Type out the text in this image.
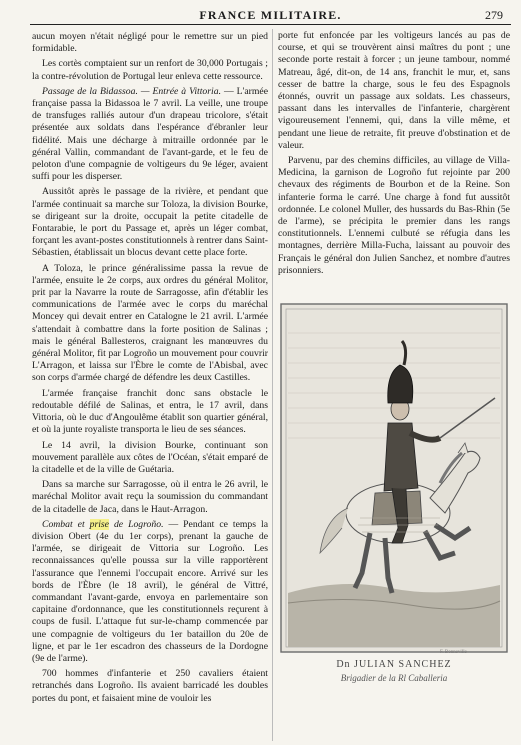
FRANCE MILITAIRE.	279

aucun moyen n'était négligé pour le remettre sur un pied formidable.

Les cortès comptaient sur un renfort de 30,000 Portugais ; la contre-révolution de Portugal leur enleva cette ressource.

Passage de la Bidassoa. — Entrée à Vittoria. — L'armée française passa la Bidassoa le 7 avril. La veille, une troupe de transfuges ralliés autour d'un drapeau tricolore, s'était présentée aux soldats dans l'espérance d'ébranler leur fidélité. Mais une décharge à mitraille ordonnée par le général Vallin, commandant de l'avant-garde, et le feu de peloton d'une compagnie de voltigeurs du 9e léger, avaient suffi pour les disperser.

Aussitôt après le passage de la rivière, et pendant que l'armée continuait sa marche sur Toloza, la division Bourke, se dirigeant sur la droite, occupait la petite citadelle de Fontarabie, le port du Passage et, après un léger combat, forçant les avant-postes constitutionnels à rentrer dans Saint-Sébastien, établissait un blocus devant cette place forte.

A Toloza, le prince généralissime passa la revue de l'armée, ensuite le 2e corps, aux ordres du général Molitor, prit par la Navarre la route de Sarragosse, afin d'établir les communications de l'armée avec le corps du maréchal Moncey qui devait entrer en Catalogne le 21 avril. L'armée s'attendait à combattre dans la forte position de Salinas ; mais le général Ballesteros, craignant les manœuvres du général Molitor, fit par Logroño un mouvement pour couvrir L'Arragon, et laissa sur l'Èbre le comte de l'Abisbal, avec son corps d'armée chargé de défendre les deux Castilles.

L'armée française franchit donc sans obstacle le redoutable défilé de Salinas, et entra, le 17 avril, dans Vittoria, où le duc d'Angoulême établit son quartier général, et où la junte royaliste transporta le lieu de ses séances.

Le 14 avril, la division Bourke, continuant son mouvement parallèle aux côtes de l'Océan, s'était emparé de la citadelle et de la ville de Guétaria.

Dans sa marche sur Sarragosse, où il entra le 26 avril, le maréchal Molitor avait reçu la soumission du commandant de la citadelle de Jaca, dans le Haut-Arragon.

Combat et prise de Logroño. — Pendant ce temps la division Obert (4e du 1er corps), prenant la gauche de l'armée, se dirigeait de Vittoria sur Logroño. Les reconnaissances qu'elle poussa sur la ville rapportèrent l'assurance que l'ennemi l'occupait encore. Arrivé sur les bords de l'Èbre (le 18 avril), le général de Vittré, commandant l'avant-garde, envoya en parlementaire son capitaine d'ordonnance, que les constitutionnels reçurent à coups de fusil. L'attaque fut sur-le-champ commencée par une compagnie de voltigeurs du 1er bataillon du 20e de ligne, et par le 1er escadron des chasseurs de la Dordogne (9e de l'arme).

700 hommes d'infanterie et 250 cavaliers étaient retranchés dans Logroño. Ils avaient barricadé les doubles portes du pont, et faisaient mine de vouloir les

porte fut enfoncée par les voltigeurs lancés au pas de course, et qui se trouvèrent ainsi maîtres du pont ; une seconde porte restait à forcer ; un jeune tambour, nommé Matreau, âgé, dit-on, de 14 ans, franchit le mur, et, sans cesser de battre la charge, sous le feu des Espagnols étonnés, ouvrit un passage aux soldats. Les chasseurs, passant dans les intervalles de l'infanterie, chargèrent vigoureusement l'ennemi, qui, dans la ville même, et pendant une lieue de retraite, fit preuve d'obstination et de valeur.

Parvenu, par des chemins difficiles, au village de Villa-Medicina, la garnison de Logroño fut rejointe par 200 chevaux des régiments de Bourbon et de la Reine. Son infanterie forma le carré. Une charge à fond fut aussitôt ordonnée. Le colonel Muller, des hussards du Bas-Rhin (5e de l'arme), se précipita le premier dans les rangs constitutionnels. L'ennemi culbuté se réfugia dans les montagnes, derrière Milla-Fucha, laissant au pouvoir des Français le général don Julien Sanchez, et nombre d'autres prisonniers.

F. Bonneville
Dn JULIAN SANCHEZ
Brigadier de la Rl Caballeria
